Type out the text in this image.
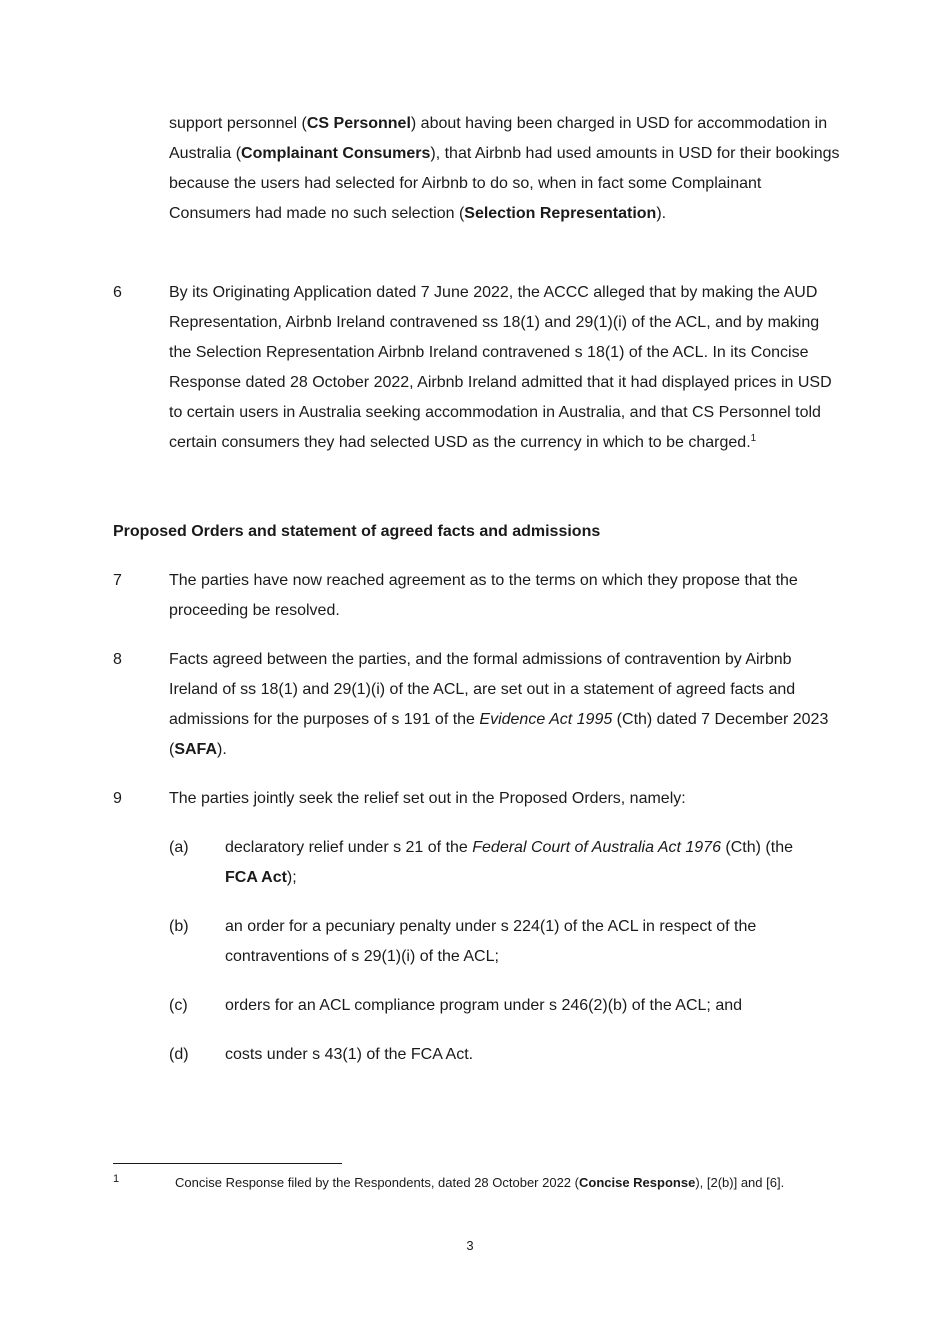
support personnel (CS Personnel) about having been charged in USD for accommodation in Australia (Complainant Consumers), that Airbnb had used amounts in USD for their bookings because the users had selected for Airbnb to do so, when in fact some Complainant Consumers had made no such selection (Selection Representation).
6	By its Originating Application dated 7 June 2022, the ACCC alleged that by making the AUD Representation, Airbnb Ireland contravened ss 18(1) and 29(1)(i) of the ACL, and by making the Selection Representation Airbnb Ireland contravened s 18(1) of the ACL. In its Concise Response dated 28 October 2022, Airbnb Ireland admitted that it had displayed prices in USD to certain users in Australia seeking accommodation in Australia, and that CS Personnel told certain consumers they had selected USD as the currency in which to be charged.$^1$
Proposed Orders and statement of agreed facts and admissions
7	The parties have now reached agreement as to the terms on which they propose that the proceeding be resolved.
8	Facts agreed between the parties, and the formal admissions of contravention by Airbnb Ireland of ss 18(1) and 29(1)(i) of the ACL, are set out in a statement of agreed facts and admissions for the purposes of s 191 of the Evidence Act 1995 (Cth) dated 7 December 2023 (SAFA).
9	The parties jointly seek the relief set out in the Proposed Orders, namely:
(a) declaratory relief under s 21 of the Federal Court of Australia Act 1976 (Cth) (the FCA Act);
(b) an order for a pecuniary penalty under s 224(1) of the ACL in respect of the contraventions of s 29(1)(i) of the ACL;
(c) orders for an ACL compliance program under s 246(2)(b) of the ACL; and
(d) costs under s 43(1) of the FCA Act.
1	Concise Response filed by the Respondents, dated 28 October 2022 (Concise Response), [2(b)] and [6].
3
